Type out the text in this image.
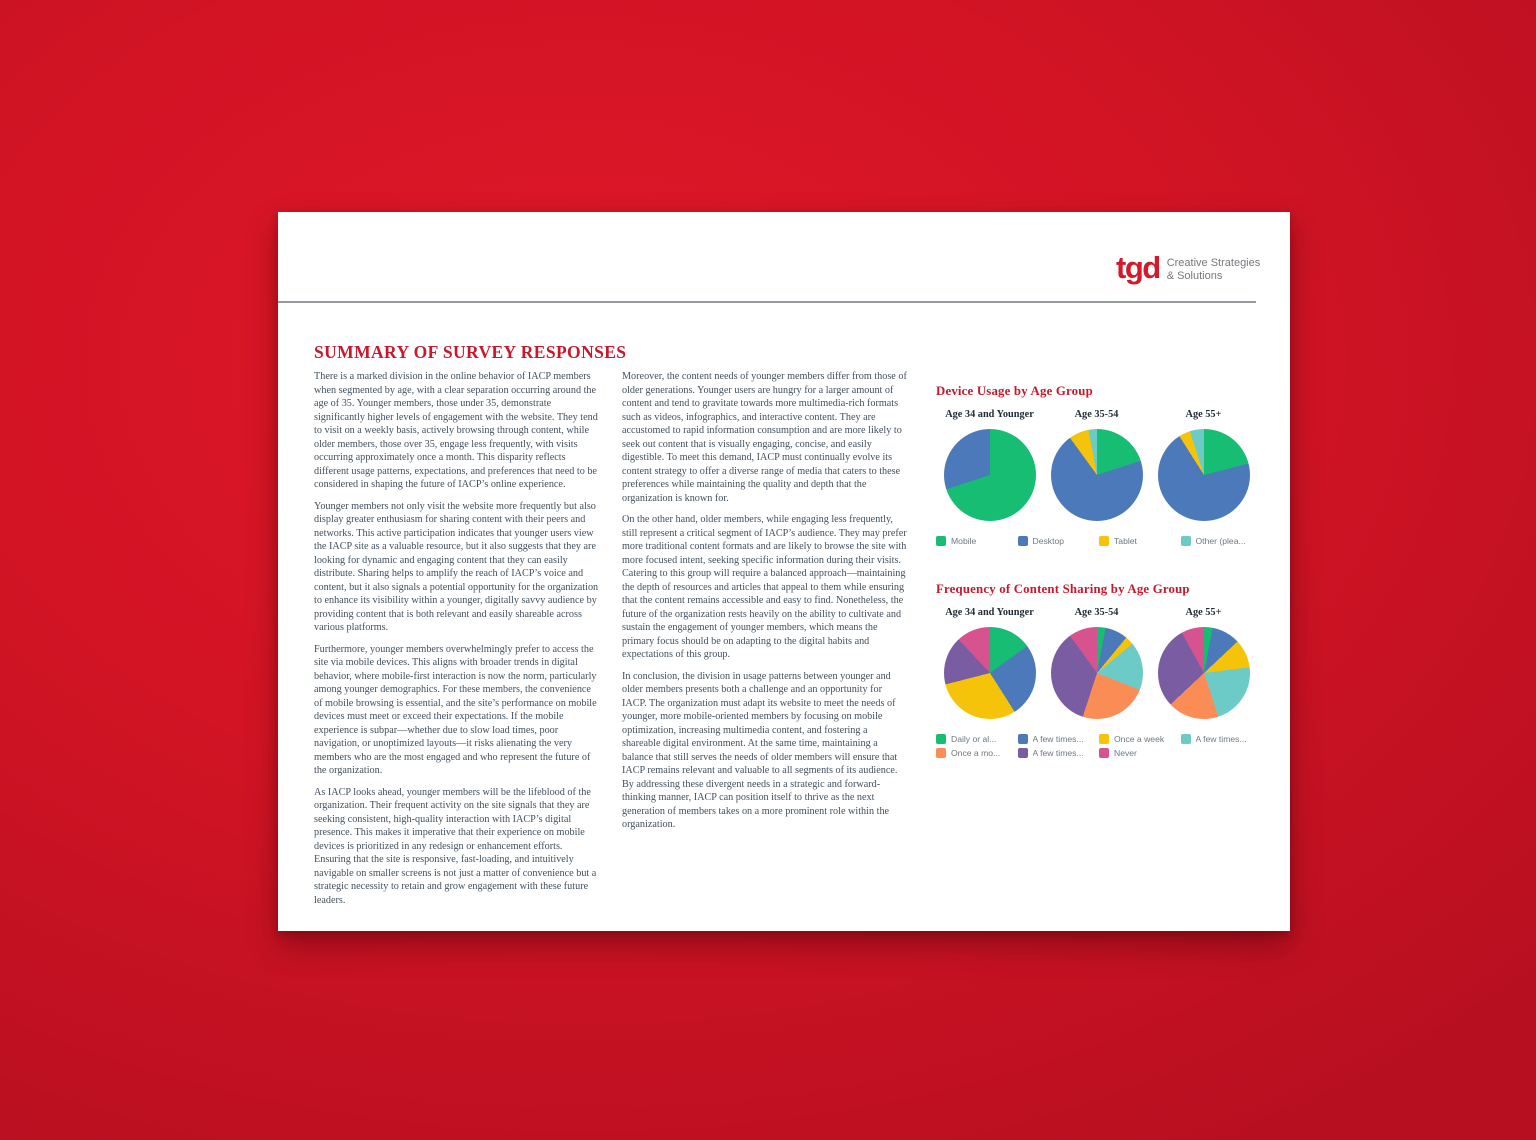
tgd Creative Strategies
& Solutions
SUMMARY OF SURVEY RESPONSES

There is a marked division in the online behavior of IACP members when segmented by age, with a clear separation occurring around the age of 35. Younger members, those under 35, demonstrate significantly higher levels of engagement with the website. They tend to visit on a weekly basis, actively browsing through content, while older members, those over 35, engage less frequently, with visits occurring approximately once a month. This disparity reflects different usage patterns, expectations, and preferences that need to be considered in shaping the future of IACP’s online experience.

Younger members not only visit the website more frequently but also display greater enthusiasm for sharing content with their peers and networks. This active participation indicates that younger users view the IACP site as a valuable resource, but it also suggests that they are looking for dynamic and engaging content that they can easily distribute. Sharing helps to amplify the reach of IACP’s voice and content, but it also signals a potential opportunity for the organization to enhance its visibility within a younger, digitally savvy audience by providing content that is both relevant and easily shareable across various platforms.

Furthermore, younger members overwhelmingly prefer to access the site via mobile devices. This aligns with broader trends in digital behavior, where mobile-first interaction is now the norm, particularly among younger demographics. For these members, the convenience of mobile browsing is essential, and the site’s performance on mobile devices must meet or exceed their expectations. If the mobile experience is subpar—whether due to slow load times, poor navigation, or unoptimized layouts—it risks alienating the very members who are the most engaged and who represent the future of the organization.

As IACP looks ahead, younger members will be the lifeblood of the organization. Their frequent activity on the site signals that they are seeking consistent, high-quality interaction with IACP’s digital presence. This makes it imperative that their experience on mobile devices is prioritized in any redesign or enhancement efforts. Ensuring that the site is responsive, fast-loading, and intuitively navigable on smaller screens is not just a matter of convenience but a strategic necessity to retain and grow engagement with these future leaders.

Moreover, the content needs of younger members differ from those of older generations. Younger users are hungry for a larger amount of content and tend to gravitate towards more multimedia-rich formats such as videos, infographics, and interactive content. They are accustomed to rapid information consumption and are more likely to seek out content that is visually engaging, concise, and easily digestible. To meet this demand, IACP must continually evolve its content strategy to offer a diverse range of media that caters to these preferences while maintaining the quality and depth that the organization is known for.

On the other hand, older members, while engaging less frequently, still represent a critical segment of IACP’s audience. They may prefer more traditional content formats and are likely to browse the site with more focused intent, seeking specific information during their visits. Catering to this group will require a balanced approach—maintaining the depth of resources and articles that appeal to them while ensuring that the content remains accessible and easy to find. Nonetheless, the future of the organization rests heavily on the ability to cultivate and sustain the engagement of younger members, which means the primary focus should be on adapting to the digital habits and expectations of this group.

In conclusion, the division in usage patterns between younger and older members presents both a challenge and an opportunity for IACP. The organization must adapt its website to meet the needs of younger, more mobile-oriented members by focusing on mobile optimization, increasing multimedia content, and fostering a shareable digital environment. At the same time, maintaining a balance that still serves the needs of older members will ensure that IACP remains relevant and valuable to all segments of its audience. By addressing these divergent needs in a strategic and forward-thinking manner, IACP can position itself to thrive as the next generation of members takes on a more prominent role within the organization.

Device Usage by Age Group
Age 34 and Younger	Age 35-54	Age 55+
Mobile	Desktop	Tablet	Other (plea...
Frequency of Content Sharing by Age Group
Age 34 and Younger	Age 35-54	Age 55+
Daily or al...	A few times...	Once a week	A few times...
Once a mo...	A few times...	Never
